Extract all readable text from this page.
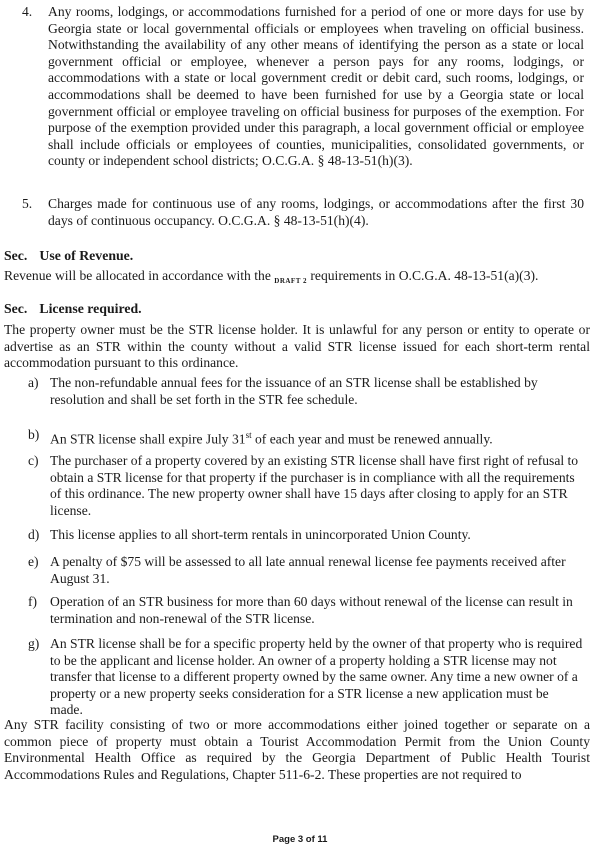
4.	Any rooms, lodgings, or accommodations furnished for a period of one or more days for use by Georgia state or local governmental officials or employees when traveling on official business. Notwithstanding the availability of any other means of identifying the person as a state or local government official or employee, whenever a person pays for any rooms, lodgings, or accommodations with a state or local government credit or debit card, such rooms, lodgings, or accommodations shall be deemed to have been furnished for use by a Georgia state or local government official or employee traveling on official business for purposes of the exemption. For purpose of the exemption provided under this paragraph, a local government official or employee shall include officials or employees of counties, municipalities, consolidated governments, or county or independent school districts; O.C.G.A. § 48-13-51(h)(3).
5.	Charges made for continuous use of any rooms, lodgings, or accommodations after the first 30 days of continuous occupancy. O.C.G.A. § 48-13-51(h)(4).
Sec. Use of Revenue.
Revenue will be allocated in accordance with the $_{DRAFT 2}$ requirements in O.C.G.A. 48-13-51(a)(3).
Sec. License required.
The property owner must be the STR license holder. It is unlawful for any person or entity to operate or advertise as an STR within the county without a valid STR license issued for each short-term rental accommodation pursuant to this ordinance.
a) The non-refundable annual fees for the issuance of an STR license shall be established by resolution and shall be set forth in the STR fee schedule.
b) An STR license shall expire July 31st of each year and must be renewed annually.
c) The purchaser of a property covered by an existing STR license shall have first right of refusal to obtain a STR license for that property if the purchaser is in compliance with all the requirements of this ordinance. The new property owner shall have 15 days after closing to apply for an STR license.
d) This license applies to all short-term rentals in unincorporated Union County.
e) A penalty of $75 will be assessed to all late annual renewal license fee payments received after August 31.
f) Operation of an STR business for more than 60 days without renewal of the license can result in termination and non-renewal of the STR license.
g) An STR license shall be for a specific property held by the owner of that property who is required to be the applicant and license holder. An owner of a property holding a STR license may not transfer that license to a different property owned by the same owner. Any time a new owner of a property or a new property seeks consideration for a STR license a new application must be made.
Any STR facility consisting of two or more accommodations either joined together or separate on a common piece of property must obtain a Tourist Accommodation Permit from the Union County Environmental Health Office as required by the Georgia Department of Public Health Tourist Accommodations Rules and Regulations, Chapter 511-6-2. These properties are not required to
Page 3 of 11
